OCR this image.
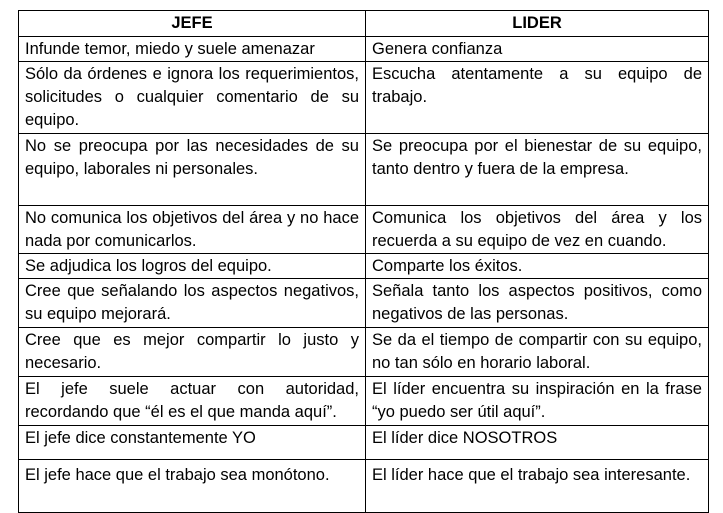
JEFE	LIDER
Infunde temor, miedo y suele amenazar	Genera confianza
Sólo da órdenes e ignora los requerimientos, solicitudes o cualquier comentario de su equipo.	Escucha atentamente a su equipo de trabajo.
No se preocupa por las necesidades de su equipo, laborales ni personales.	Se preocupa por el bienestar de su equipo, tanto dentro y fuera de la empresa.
No comunica los objetivos del área y no hace nada por comunicarlos.	Comunica los objetivos del área y los recuerda a su equipo de vez en cuando.
Se adjudica los logros del equipo.	Comparte los éxitos.
Cree que señalando los aspectos negativos, su equipo mejorará.	Señala tanto los aspectos positivos, como negativos de las personas.
Cree que es mejor compartir lo justo y necesario.	Se da el tiempo de compartir con su equipo, no tan sólo en horario laboral.
El jefe suele actuar con autoridad, recordando que “él es el que manda aquí”.	El líder encuentra su inspiración en la frase “yo puedo ser útil aquí”.
El jefe dice constantemente YO	El líder dice NOSOTROS
El jefe hace que el trabajo sea monótono.	El líder hace que el trabajo sea interesante.
